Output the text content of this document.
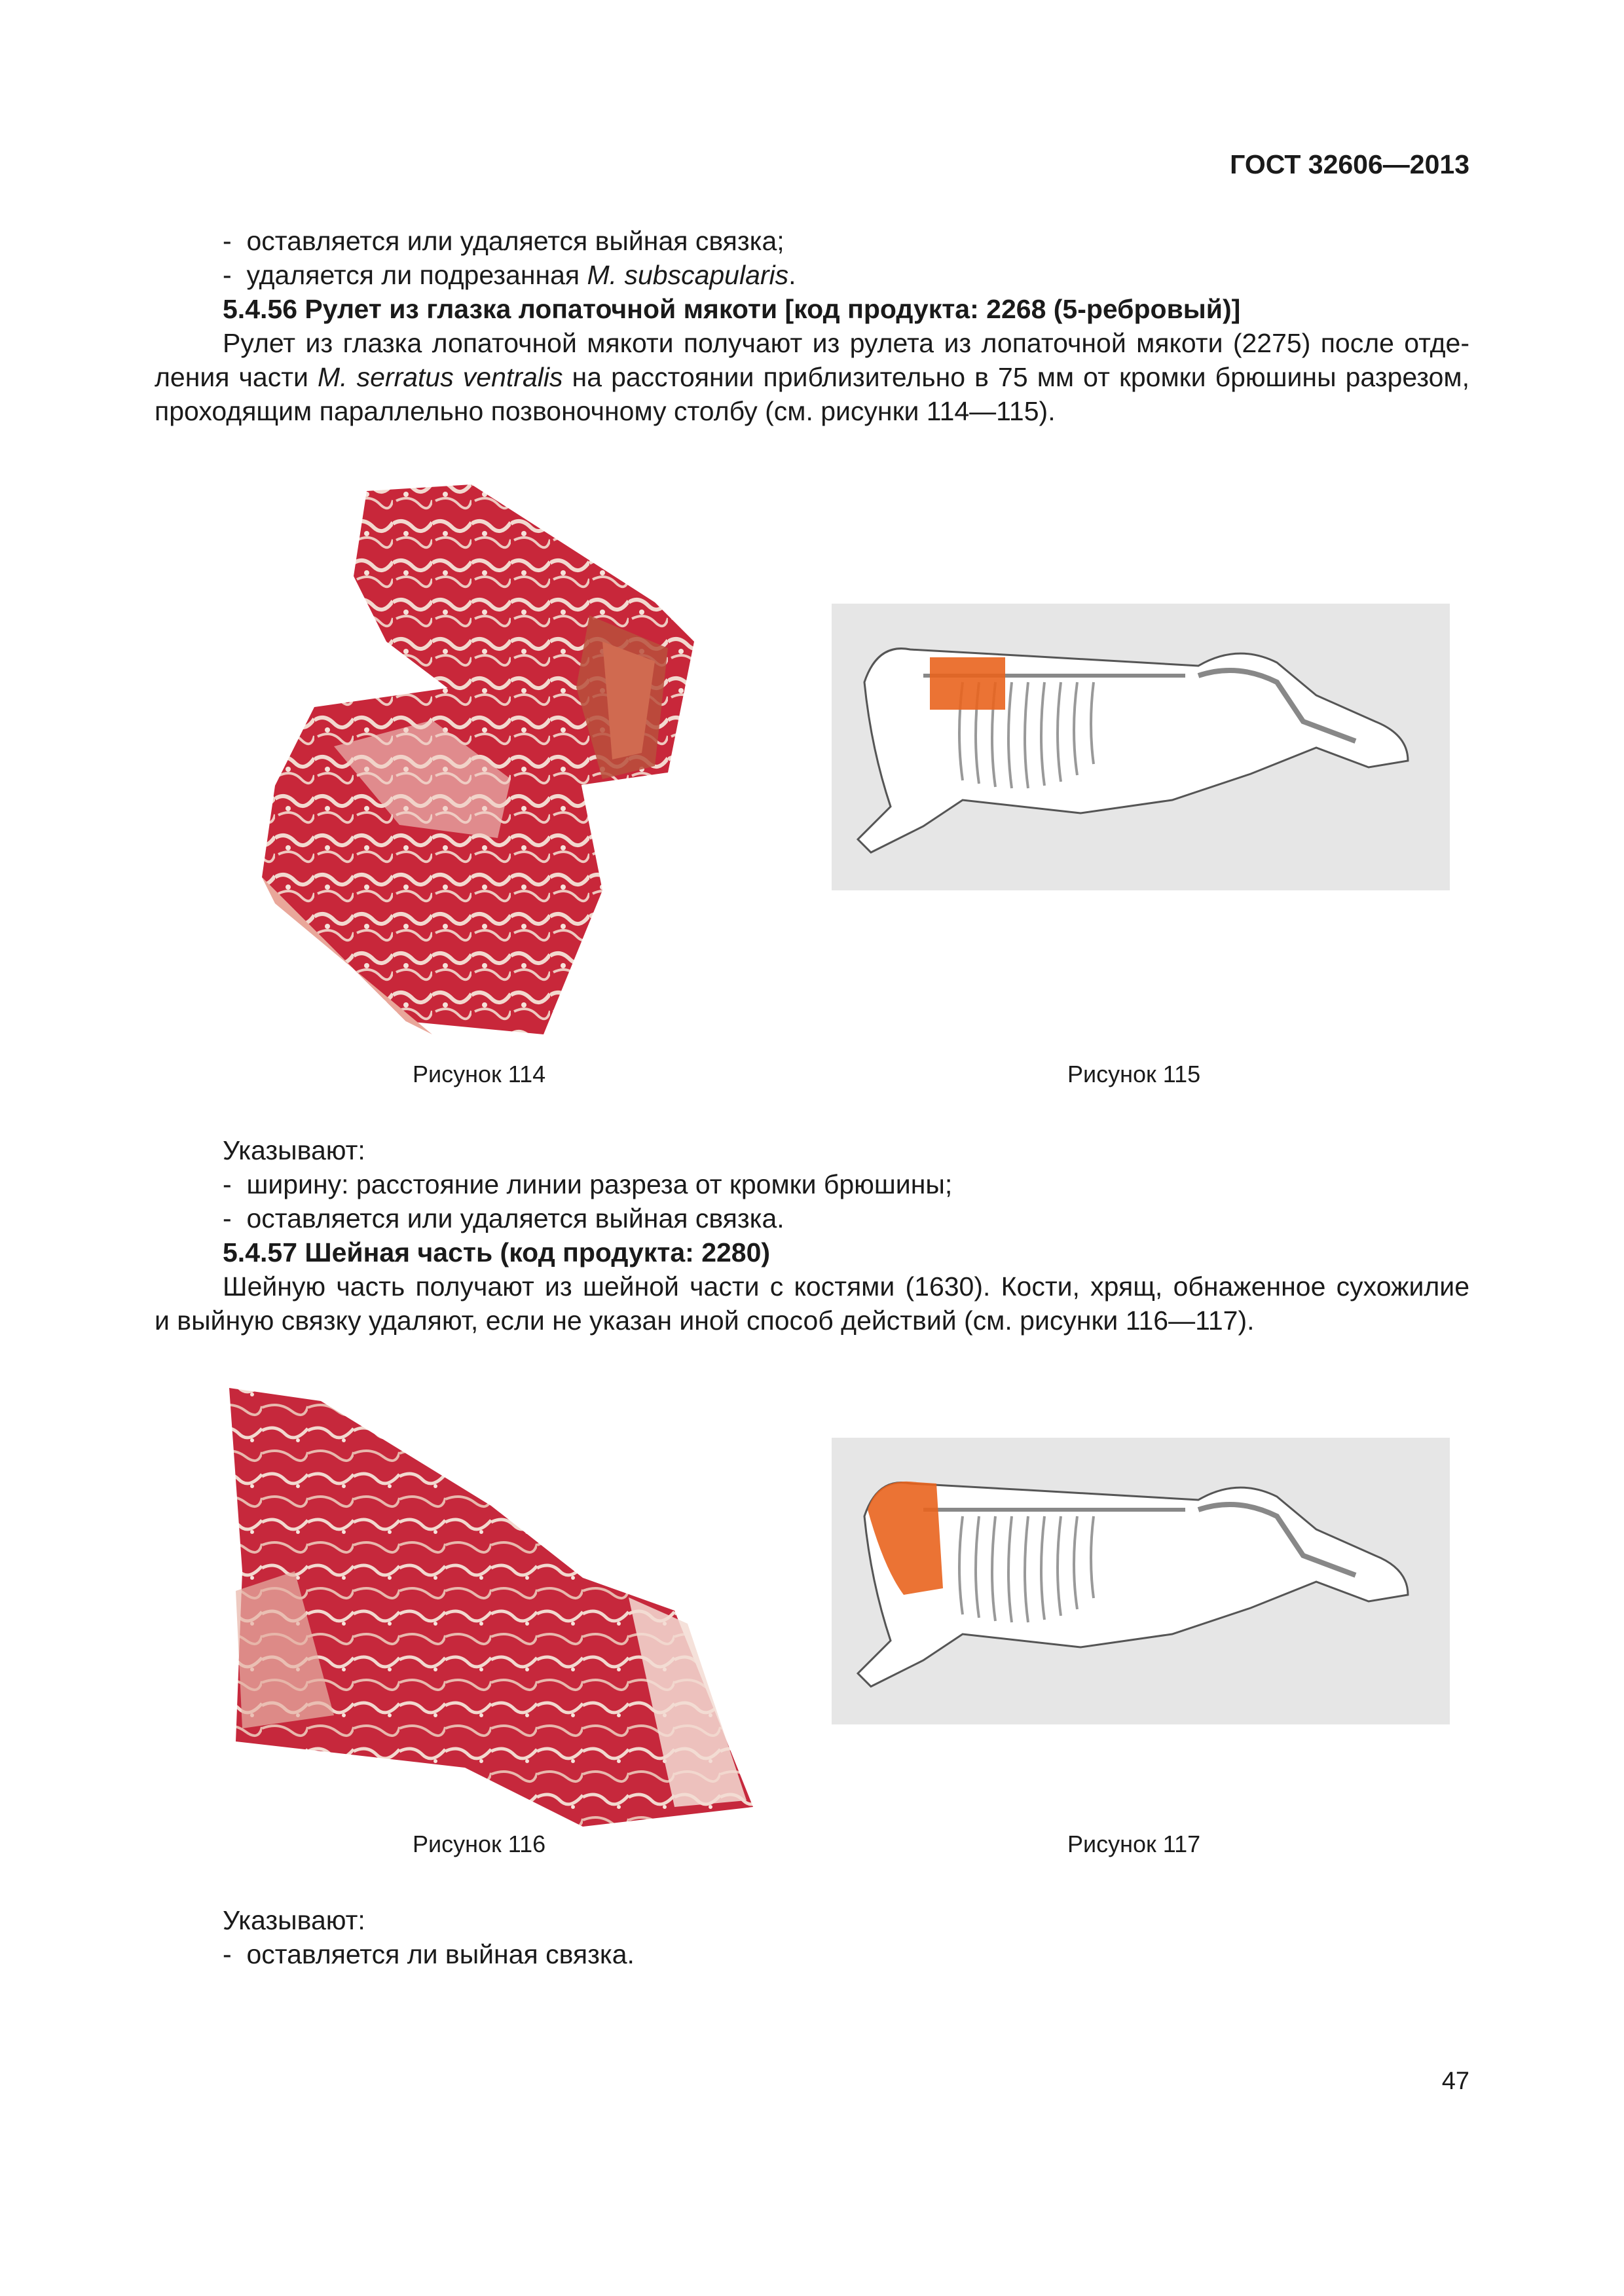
ГОСТ 32606—2013
- оставляется или удаляется выйная связка;
- удаляется ли подрезанная M. subscapularis.
5.4.56 Рулет из глазка лопаточной мякоти [код продукта: 2268 (5-ребровый)]
Рулет из глазка лопаточной мякоти получают из рулета из лопаточной мякоти (2275) после отде-
ления части M. serratus ventralis на расстоянии приблизительно в 75 мм от кромки брюшины разрезом,
проходящим параллельно позвоночному столбу (см. рисунки 114—115).
Рисунок 114	Рисунок 115
Указывают:
- ширину: расстояние линии разреза от кромки брюшины;
- оставляется или удаляется выйная связка.
5.4.57 Шейная часть (код продукта: 2280)
Шейную часть получают из шейной части с костями (1630). Кости, хрящ, обнаженное сухожилие
и выйную связку удаляют, если не указан иной способ действий (см. рисунки 116—117).
Рисунок 116	Рисунок 117
Указывают:
- оставляется ли выйная связка.
47
